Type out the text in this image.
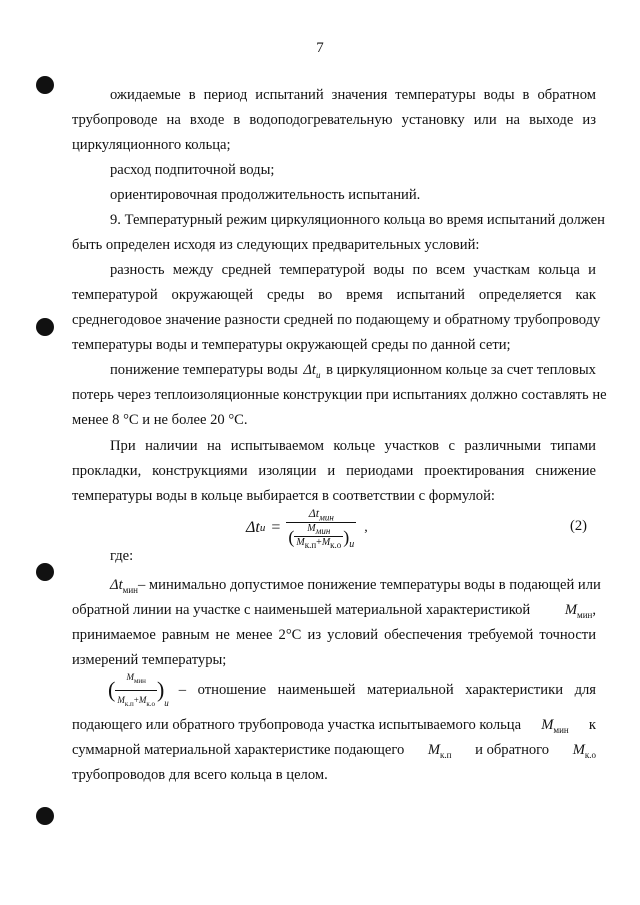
7
ожидаемые в период испытаний значения температуры воды в обратном
трубопроводе на входе в водоподогревательную установку или на выходе из
циркуляционного кольца;
расход подпиточной воды;
ориентировочная продолжительность испытаний.
9. Температурный режим циркуляционного кольца во время испытаний должен
быть определен исходя из следующих предварительных условий:
разность между средней температурой воды по всем участкам кольца и
температурой окружающей среды во время испытаний определяется как
среднегодовое значение разности средней по подающему и обратному трубопроводу
температуры воды и температуры окружающей среды по данной сети;
понижение температуры воды $\Delta t_и$ в циркуляционном кольце за счет тепловых
потерь через теплоизоляционные конструкции при испытаниях должно составлять не
менее 8 °С и не более 20 °С.
При наличии на испытываемом кольце участков с различными типами
прокладки, конструкциями изоляции и периодами проектирования снижение
температуры воды в кольце выбирается в соответствии с формулой:
Δt и =
$\Delta t_{мин}$
( $\frac{M_{мин}}{M_{к.п}+M_{к.о}}$ ) и
,	(2)
где:
$\Delta t_{мин}$ – минимально допустимое понижение температуры воды в подающей или
обратной линии на участке с наименьшей материальной характеристикой $M_{мин}$,
принимаемое равным не менее 2°С из условий обеспечения требуемой точности
измерений температуры;
( $\frac{M_{мин}}{M_{к.п}+M_{к.о}}$ )
и
– отношение наименьшей материальной характеристики для
подающего или обратного трубопровода участка испытываемого кольца $M_{мин}$ к
суммарной материальной характеристике подающего $M_{к.п}$ и обратного $M_{к.о}$
трубопроводов для всего кольца в целом.
